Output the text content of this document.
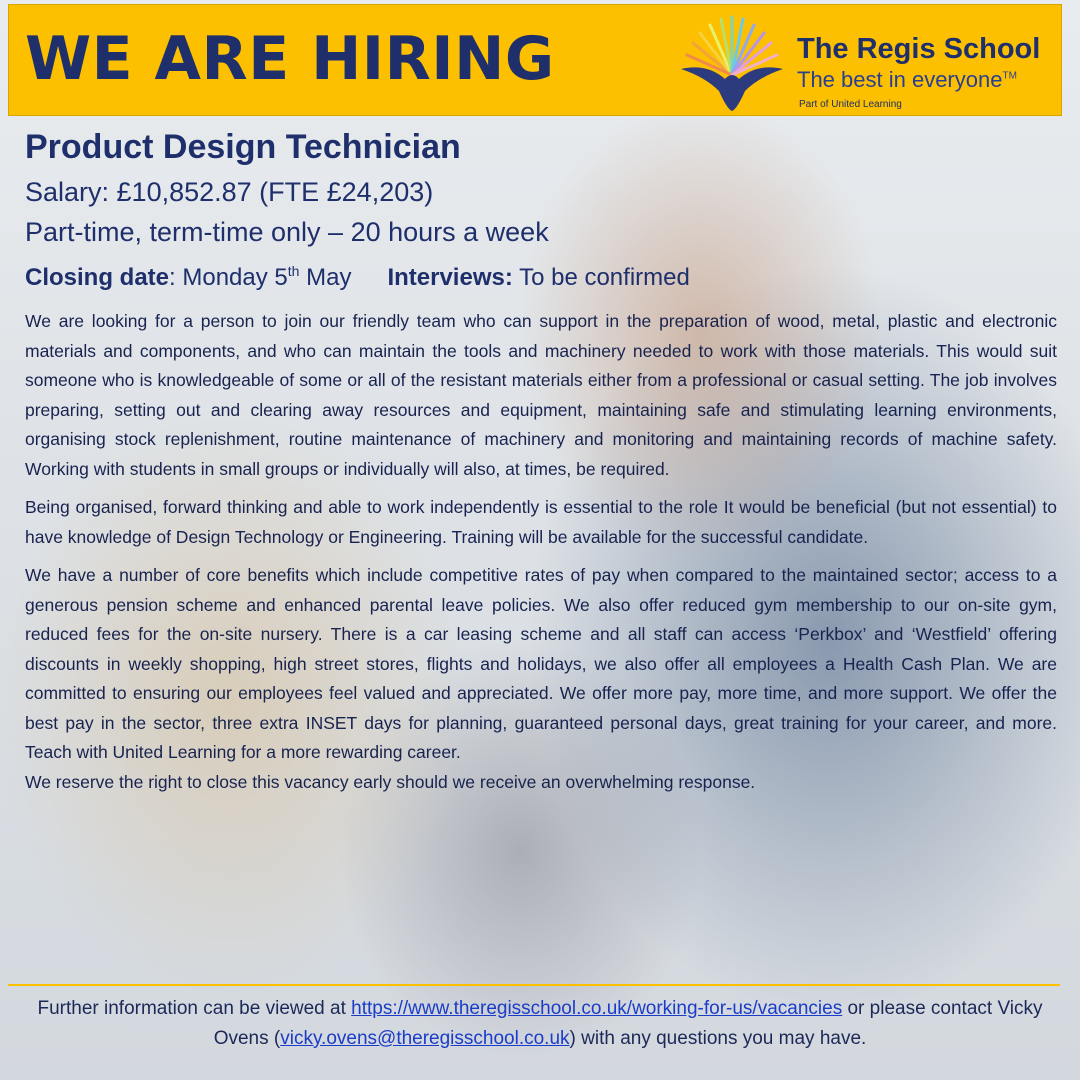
WE ARE HIRING	The Regis School
The best in everyone™
Part of United Learning
Product Design Technician
Salary: £10,852.87 (FTE £24,203)
Part-time, term-time only – 20 hours a week
Closing date: Monday 5th May Interviews: To be confirmed

We are looking for a person to join our friendly team who can support in the preparation of wood, metal, plastic and electronic materials and components, and who can maintain the tools and machinery needed to work with those materials. This would suit someone who is knowledgeable of some or all of the resistant materials either from a professional or casual setting. The job involves preparing, setting out and clearing away resources and equipment, maintaining safe and stimulating learning environments, organising stock replenishment, routine maintenance of machinery and monitoring and maintaining records of machine safety. Working with students in small groups or individually will also, at times, be required.

Being organised, forward thinking and able to work independently is essential to the role It would be beneficial (but not essential) to have knowledge of Design Technology or Engineering. Training will be available for the successful candidate.

We have a number of core benefits which include competitive rates of pay when compared to the maintained sector; access to a generous pension scheme and enhanced parental leave policies. We also offer reduced gym membership to our on-site gym, reduced fees for the on-site nursery. There is a car leasing scheme and all staff can access ‘Perkbox’ and ‘Westfield’ offering discounts in weekly shopping, high street stores, flights and holidays, we also offer all employees a Health Cash Plan. We are committed to ensuring our employees feel valued and appreciated. We offer more pay, more time, and more support. We offer the best pay in the sector, three extra INSET days for planning, guaranteed personal days, great training for your career, and more. Teach with United Learning for a more rewarding career.

We reserve the right to close this vacancy early should we receive an overwhelming response.

Further information can be viewed at https://www.theregisschool.co.uk/working-for-us/vacancies or please contact Vicky Ovens (vicky.ovens@theregisschool.co.uk) with any questions you may have.
